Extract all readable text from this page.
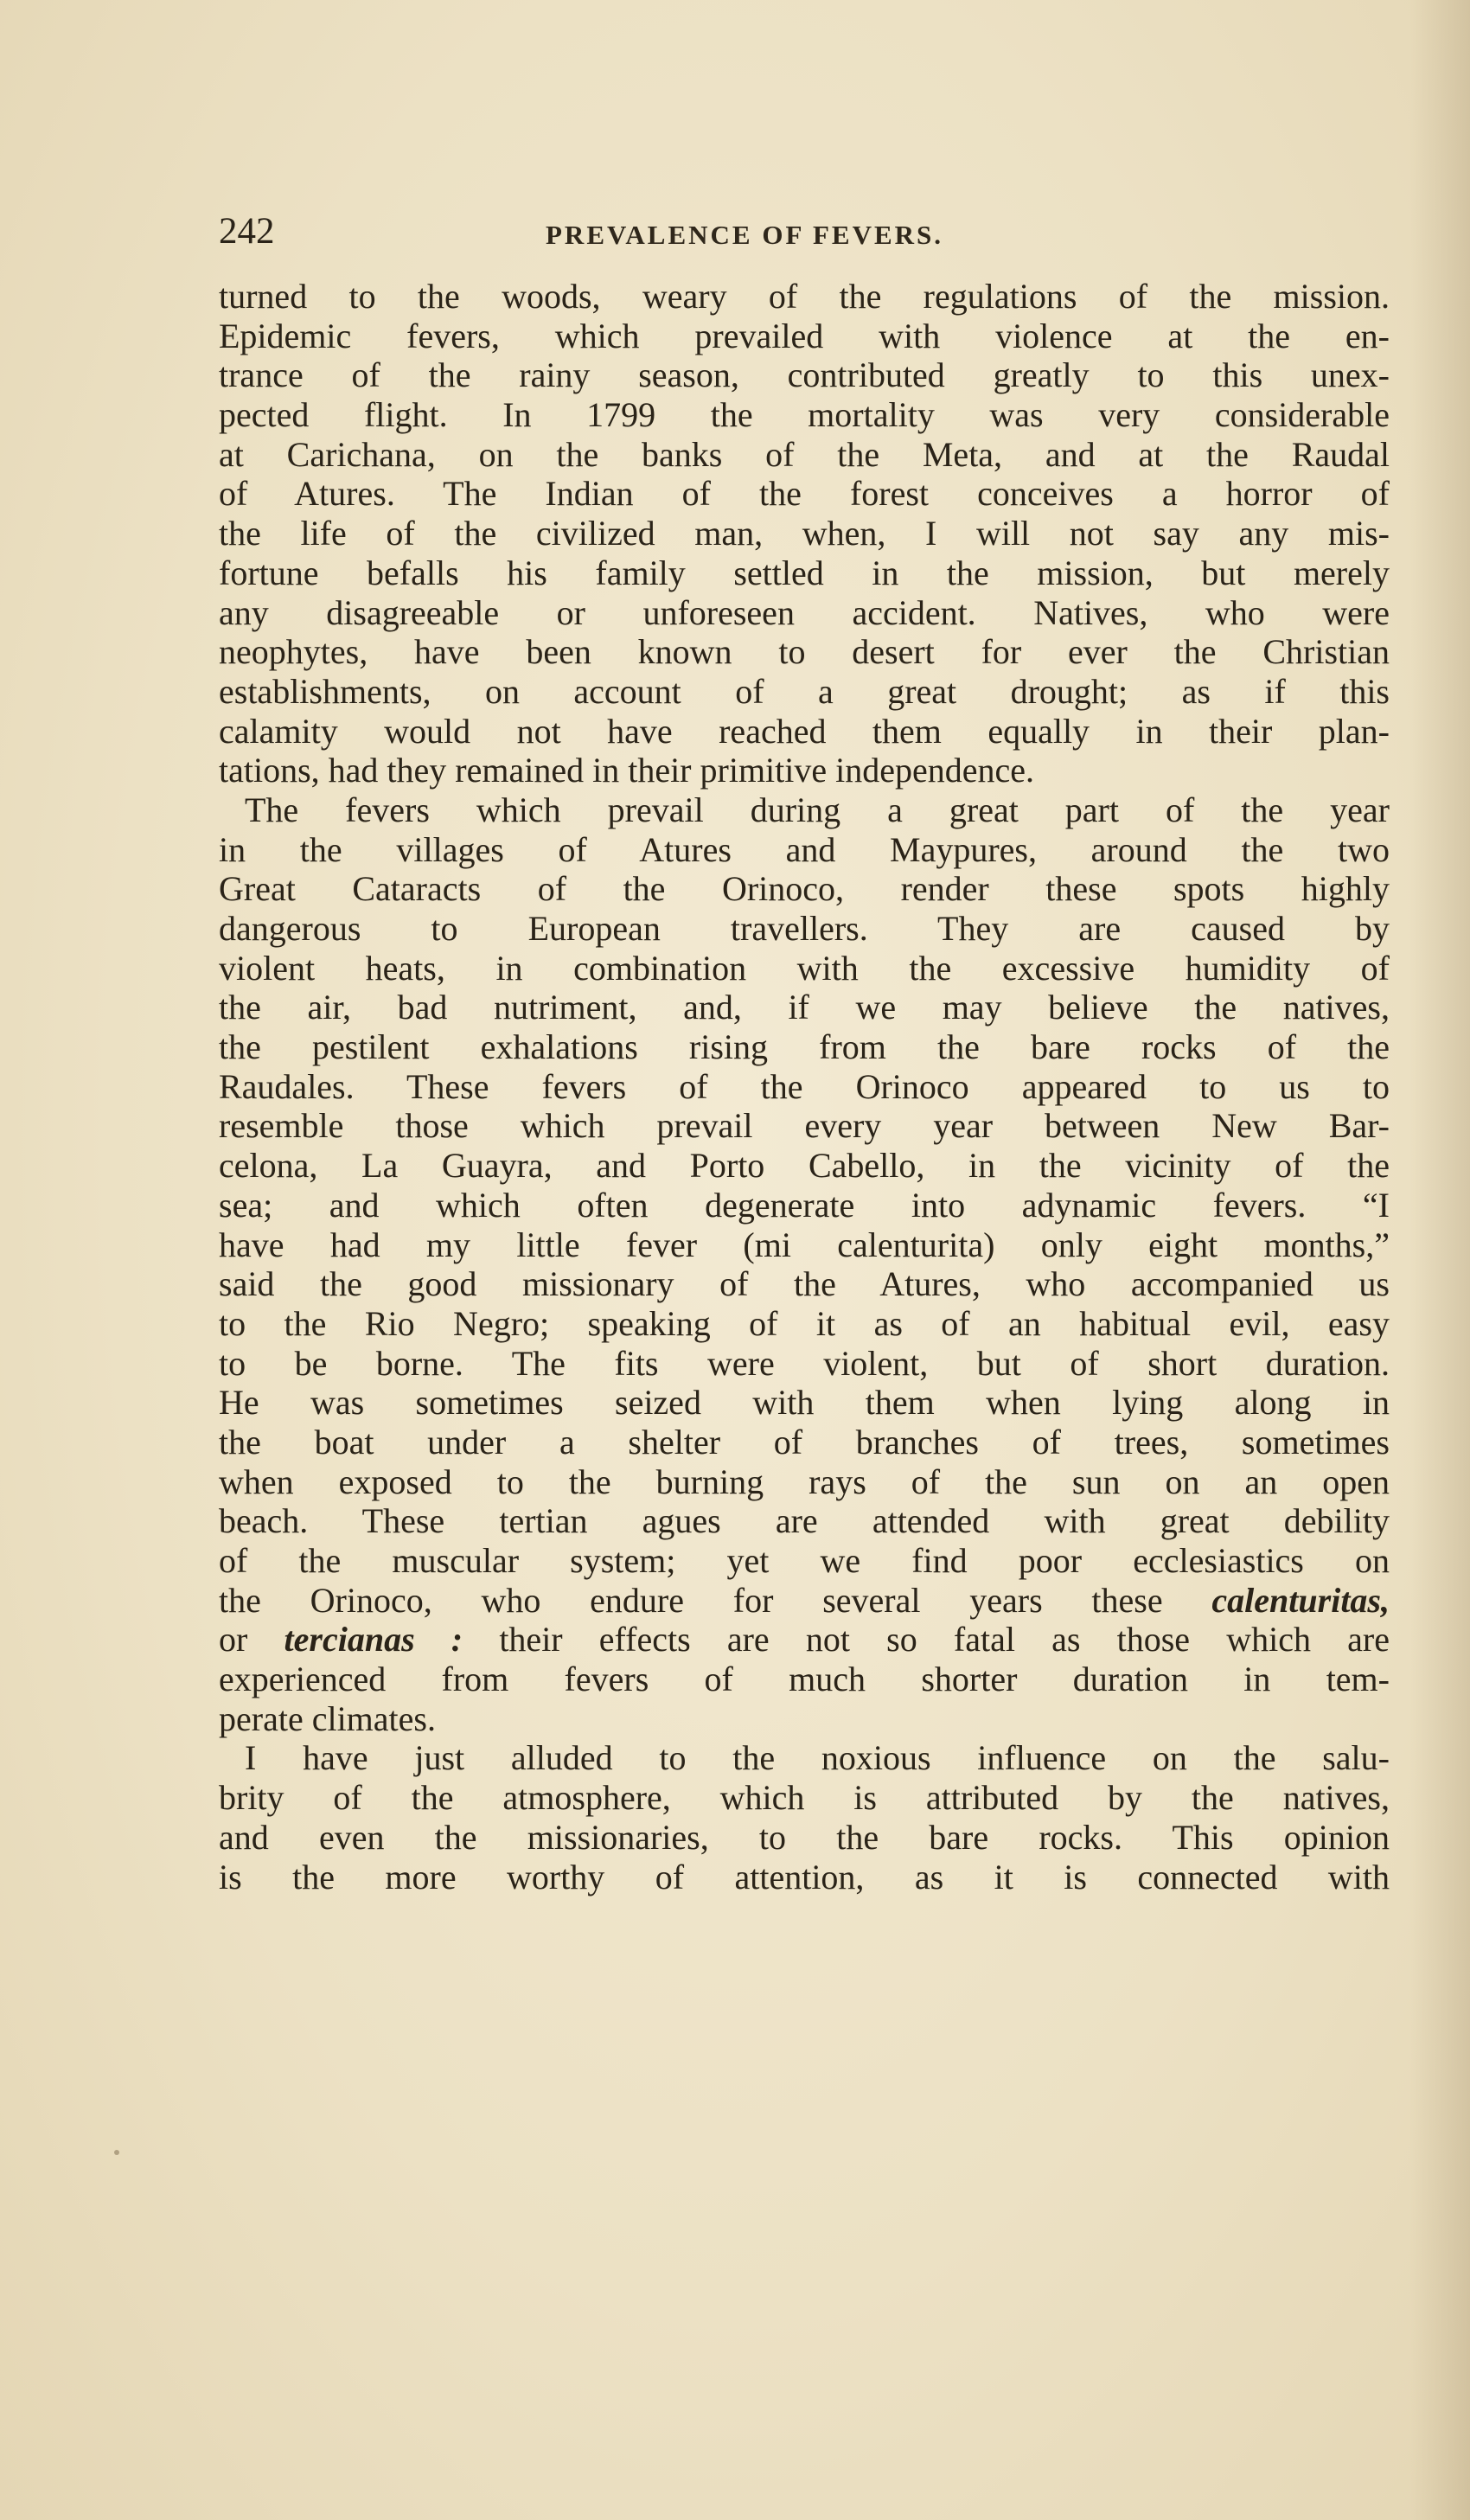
242	PREVALENCE OF FEVERS.
turned to the woods, weary of the regulations of the mission.
Epidemic fevers, which prevailed with violence at the en-
trance of the rainy season, contributed greatly to this unex-
pected flight. In 1799 the mortality was very considerable
at Carichana, on the banks of the Meta, and at the Raudal
of Atures. The Indian of the forest conceives a horror of
the life of the civilized man, when, I will not say any mis-
fortune befalls his family settled in the mission, but merely
any disagreeable or unforeseen accident. Natives, who were
neophytes, have been known to desert for ever the Christian
establishments, on account of a great drought; as if this
calamity would not have reached them equally in their plan-
tations, had they remained in their primitive independence.
The fevers which prevail during a great part of the year
in the villages of Atures and Maypures, around the two
Great Cataracts of the Orinoco, render these spots highly
dangerous to European travellers. They are caused by
violent heats, in combination with the excessive humidity of
the air, bad nutriment, and, if we may believe the natives,
the pestilent exhalations rising from the bare rocks of the
Raudales. These fevers of the Orinoco appeared to us to
resemble those which prevail every year between New Bar-
celona, La Guayra, and Porto Cabello, in the vicinity of the
sea; and which often degenerate into adynamic fevers. “I
have had my little fever (mi calenturita) only eight months,”
said the good missionary of the Atures, who accompanied us
to the Rio Negro; speaking of it as of an habitual evil, easy
to be borne. The fits were violent, but of short duration.
He was sometimes seized with them when lying along in
the boat under a shelter of branches of trees, sometimes
when exposed to the burning rays of the sun on an open
beach. These tertian agues are attended with great debility
of the muscular system; yet we find poor ecclesiastics on
the Orinoco, who endure for several years these calenturitas,
or tercianas : their effects are not so fatal as those which are
experienced from fevers of much shorter duration in tem-
perate climates.
I have just alluded to the noxious influence on the salu-
brity of the atmosphere, which is attributed by the natives,
and even the missionaries, to the bare rocks. This opinion
is the more worthy of attention, as it is connected with
